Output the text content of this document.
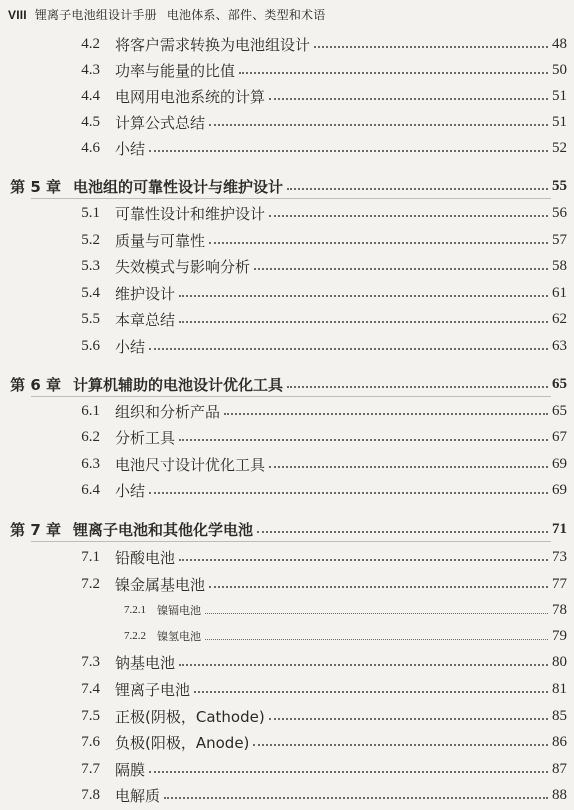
VIII 锂离子电池组设计手册 电池体系、部件、类型和术语
4.2 将客户需求转换为电池组设计	48
4.3 功率与能量的比值	50
4.4 电网用电池系统的计算	51
4.5 计算公式总结	51
4.6 小结	52
第 5 章 电池组的可靠性设计与维护设计	55
5.1 可靠性设计和维护设计	56
5.2 质量与可靠性	57
5.3 失效模式与影响分析	58
5.4 维护设计	61
5.5 本章总结	62
5.6 小结	63
第 6 章 计算机辅助的电池设计优化工具	65
6.1 组织和分析产品	65
6.2 分析工具	67
6.3 电池尺寸设计优化工具	69
6.4 小结	69
第 7 章 锂离子电池和其他化学电池	71
7.1 铅酸电池	73
7.2 镍金属基电池	77
7.2.1 镍镉电池	78
7.2.2 镍氢电池	79
7.3 钠基电池	80
7.4 锂离子电池	81
7.5 正极(阴极，Cathode)	85
7.6 负极(阳极，Anode)	86
7.7 隔膜	87
7.8 电解质	88
